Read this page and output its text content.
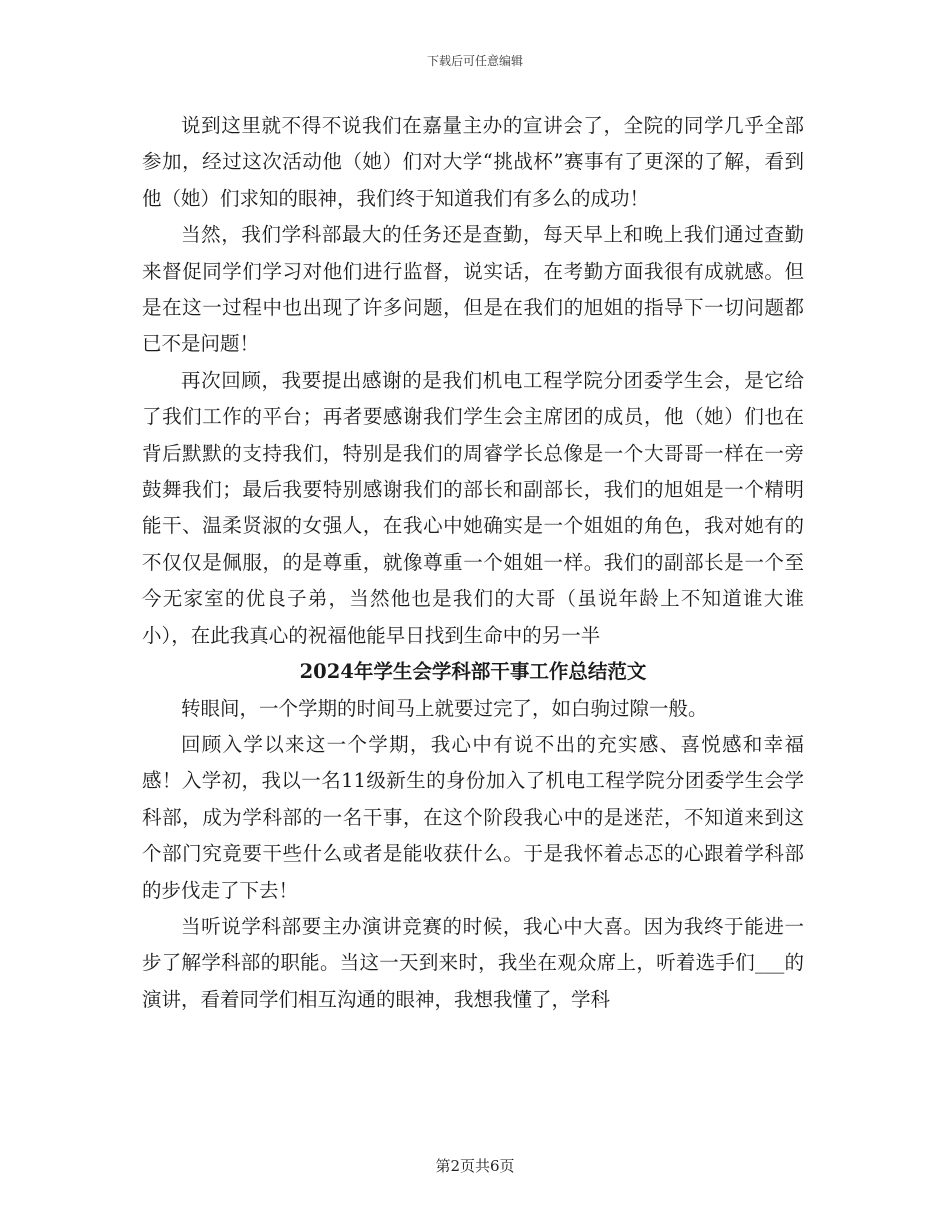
下载后可任意编辑

说到这里就不得不说我们在嘉量主办的宣讲会了，全院的同学几乎全部参加，经过这次活动他（她）们对大学“挑战杯”赛事有了更深的了解，看到他（她）们求知的眼神，我们终于知道我们有多么的成功！

当然，我们学科部最大的任务还是查勤，每天早上和晚上我们通过查勤来督促同学们学习对他们进行监督，说实话，在考勤方面我很有成就感。但是在这一过程中也出现了许多问题，但是在我们的旭姐的指导下一切问题都已不是问题！

再次回顾，我要提出感谢的是我们机电工程学院分团委学生会，是它给了我们工作的平台；再者要感谢我们学生会主席团的成员，他（她）们也在背后默默的支持我们，特别是我们的周睿学长总像是一个大哥哥一样在一旁鼓舞我们；最后我要特别感谢我们的部长和副部长，我们的旭姐是一个精明能干、温柔贤淑的女强人，在我心中她确实是一个姐姐的角色，我对她有的不仅仅是佩服，的是尊重，就像尊重一个姐姐一样。我们的副部长是一个至今无家室的优良子弟，当然他也是我们的大哥（虽说年龄上不知道谁大谁小），在此我真心的祝福他能早日找到生命中的另一半

2024年学生会学科部干事工作总结范文

转眼间，一个学期的时间马上就要过完了，如白驹过隙一般。

回顾入学以来这一个学期，我心中有说不出的充实感、喜悦感和幸福感！入学初，我以一名11级新生的身份加入了机电工程学院分团委学生会学科部，成为学科部的一名干事，在这个阶段我心中的是迷茫，不知道来到这个部门究竟要干些什么或者是能收获什么。于是我怀着忐忑的心跟着学科部的步伐走了下去！

当听说学科部要主办演讲竞赛的时候，我心中大喜。因为我终于能进一步了解学科部的职能。当这一天到来时，我坐在观众席上，听着选手们___的演讲，看着同学们相互沟通的眼神，我想我懂了，学科

第2页共6页
